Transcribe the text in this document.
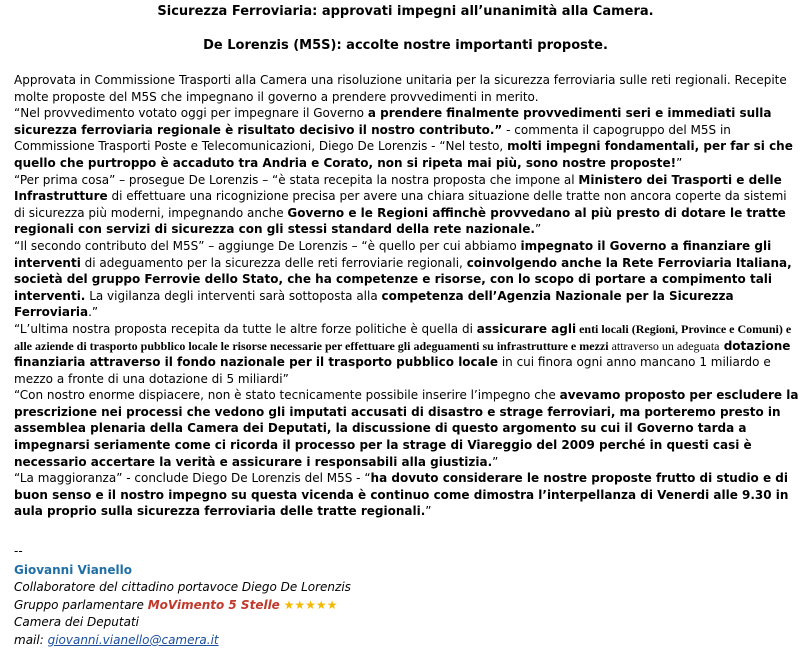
Sicurezza Ferroviaria: approvati impegni all’unanimità alla Camera.
De Lorenzis (M5S): accolte nostre importanti proposte.

Approvata in Commissione Trasporti alla Camera una risoluzione unitaria per la sicurezza ferroviaria sulle reti regionali. Recepite molte proposte del M5S che impegnano il governo a prendere provvedimenti in merito.

“Nel provvedimento votato oggi per impegnare il Governo a prendere finalmente provvedimenti seri e immediati sulla sicurezza ferroviaria regionale è risultato decisivo il nostro contributo.” - commenta il capogruppo del M5S in Commissione Trasporti Poste e Telecomunicazioni, Diego De Lorenzis - “Nel testo, molti impegni fondamentali, per far si che quello che purtroppo è accaduto tra Andria e Corato, non si ripeta mai più, sono nostre proposte!”

“Per prima cosa” – prosegue De Lorenzis – “è stata recepita la nostra proposta che impone al Ministero dei Trasporti e delle Infrastrutture di effettuare una ricognizione precisa per avere una chiara situazione delle tratte non ancora coperte da sistemi di sicurezza più moderni, impegnando anche Governo e le Regioni affinchè provvedano al più presto di dotare le tratte regionali con servizi di sicurezza con gli stessi standard della rete nazionale.”

“Il secondo contributo del M5S” – aggiunge De Lorenzis – “è quello per cui abbiamo impegnato il Governo a finanziare gli interventi di adeguamento per la sicurezza delle reti ferroviarie regionali, coinvolgendo anche la Rete Ferroviaria Italiana, società del gruppo Ferrovie dello Stato, che ha competenze e risorse, con lo scopo di portare a compimento tali interventi. La vigilanza degli interventi sarà sottoposta alla competenza dell’Agenzia Nazionale per la Sicurezza Ferroviaria.”

“L’ultima nostra proposta recepita da tutte le altre forze politiche è quella di assicurare agli enti locali (Regioni, Province e Comuni) e alle aziende di trasporto pubblico locale le risorse necessarie per effettuare gli adeguamenti su infrastrutture e mezzi attraverso un adeguata dotazione finanziaria attraverso il fondo nazionale per il trasporto pubblico locale in cui finora ogni anno mancano 1 miliardo e mezzo a fronte di una dotazione di 5 miliardi”

“Con nostro enorme dispiacere, non è stato tecnicamente possibile inserire l’impegno che avevamo proposto per escludere la prescrizione nei processi che vedono gli imputati accusati di disastro e strage ferroviari, ma porteremo presto in assemblea plenaria della Camera dei Deputati, la discussione di questo argomento su cui il Governo tarda a impegnarsi seriamente come ci ricorda il processo per la strage di Viareggio del 2009 perché in questi casi è necessario accertare la verità e assicurare i responsabili alla giustizia.”

“La maggioranza” - conclude Diego De Lorenzis del M5S - “ha dovuto considerare le nostre proposte frutto di studio e di buon senso e il nostro impegno su questa vicenda è continuo come dimostra l’interpellanza di Venerdi alle 9.30 in aula proprio sulla sicurezza ferroviaria delle tratte regionali.”

--
Giovanni Vianello
Collaboratore del cittadino portavoce Diego De Lorenzis
Gruppo parlamentare MoVimento 5 Stelle ★★★★★
Camera dei Deputati
mail: giovanni.vianello@camera.it
